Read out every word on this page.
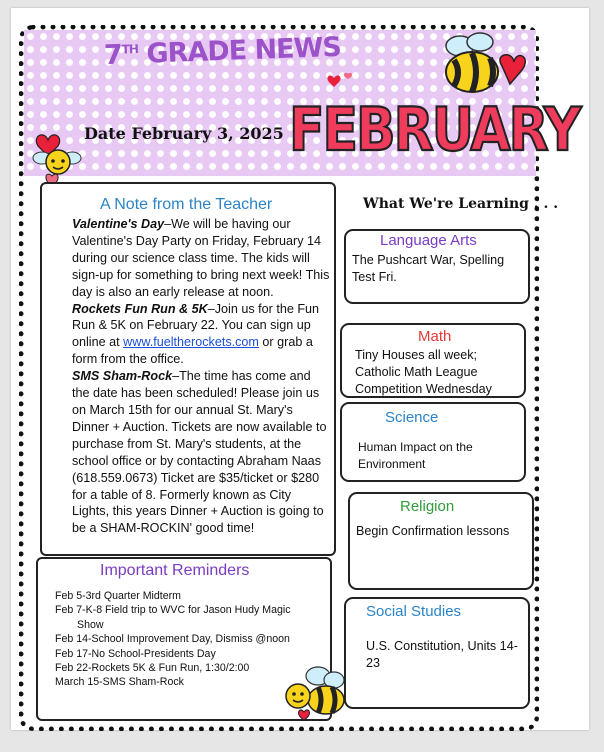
7TH GRADE NEWS
Date February 3, 2025 FEBRUARY
What We're Learning . . .
A Note from the Teacher

Valentine's Day–We will be having our Valentine's Day Party on Friday, February 14 during our science class time. The kids will sign-up for something to bring next week! This day is also an early release at noon.

Rockets Fun Run & 5K–Join us for the Fun Run & 5K on February 22. You can sign up online at www.fueltherockets.com or grab a form from the office.

SMS Sham-Rock–The time has come and the date has been scheduled! Please join us on March 15th for our annual St. Mary's Dinner + Auction. Tickets are now available to purchase from St. Mary's students, at the school office or by contacting Abraham Naas (618.559.0673) Ticket are $35/ticket or $280 for a table of 8. Formerly known as City Lights, this years Dinner + Auction is going to be a SHAM-ROCKIN' good time!

Important Reminders
Feb 5-3rd Quarter Midterm
Feb 7-K-8 Field trip to WVC for Jason Hudy Magic
Show
Feb 14-School Improvement Day, Dismiss @noon
Feb 17-No School-Presidents Day
Feb 22-Rockets 5K & Fun Run, 1:30/2:00
March 15-SMS Sham-Rock
Language Arts
The Pushcart War, Spelling Test Fri.
Math
Tiny Houses all week; Catholic Math League Competition Wednesday
Science
Human Impact on the Environment
Religion
Begin Confirmation lessons
Social Studies
U.S. Constitution, Units 14-23
